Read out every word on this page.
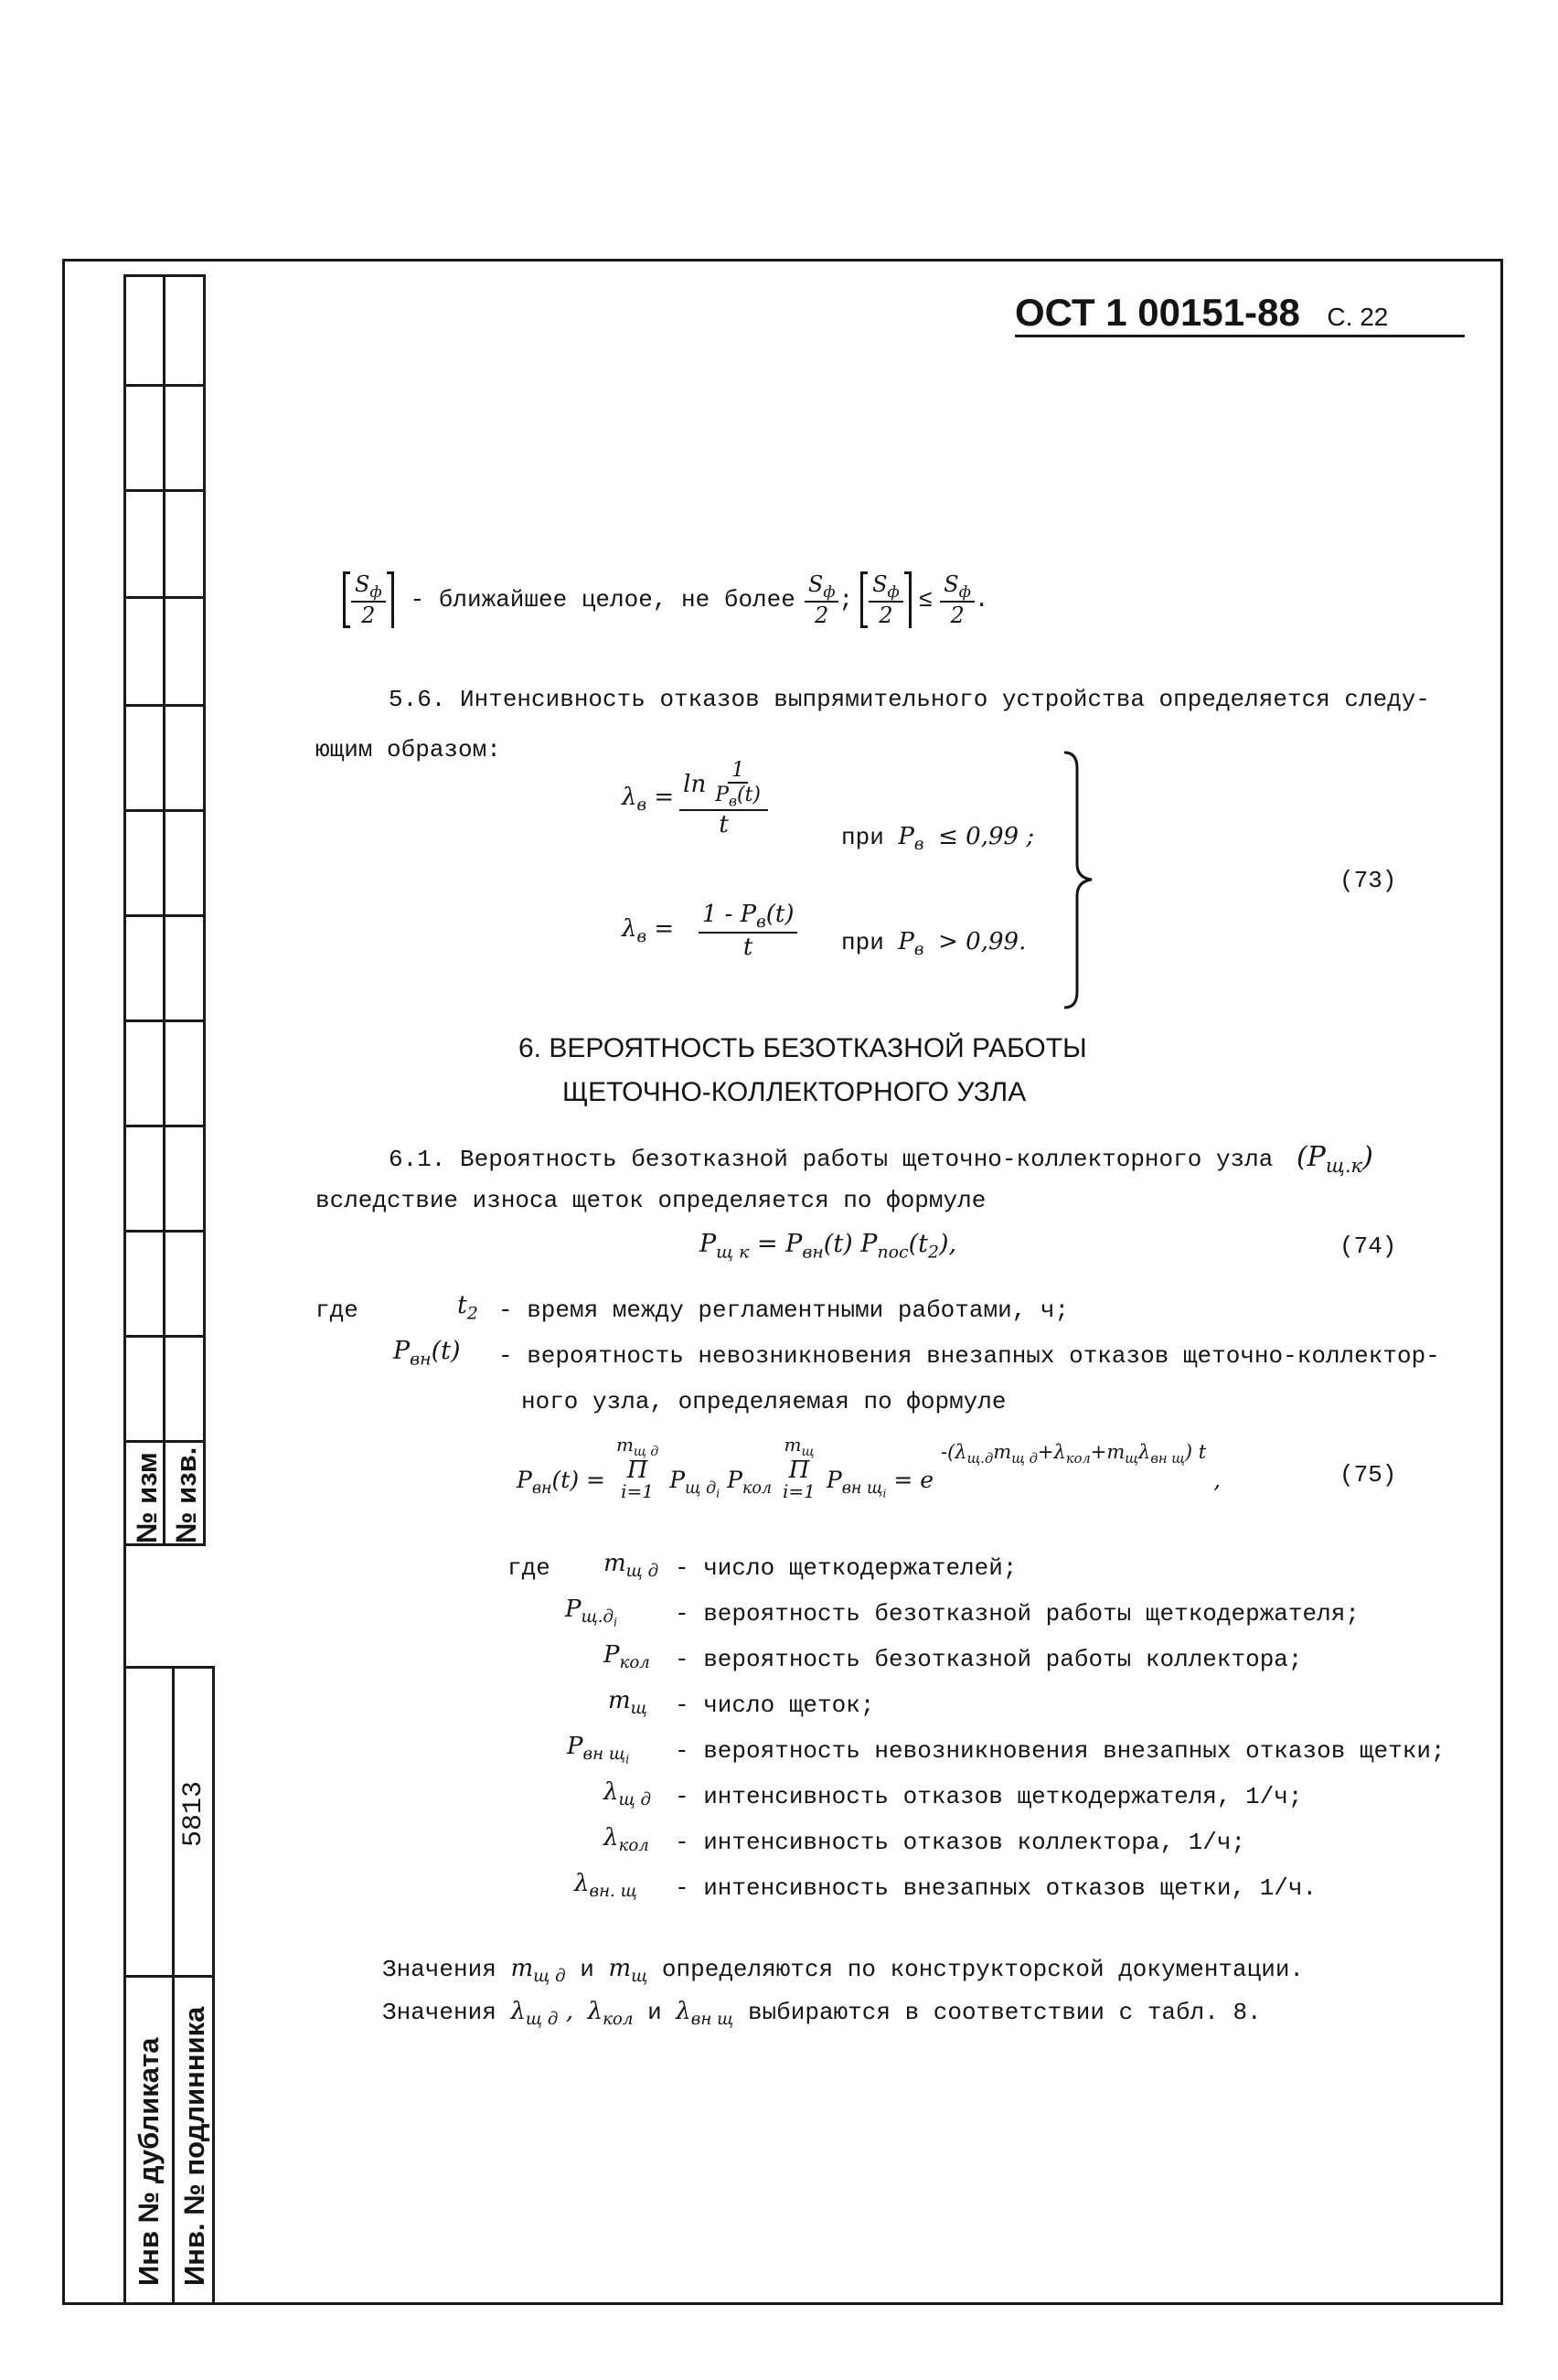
№ изм № изв.
5813
Инв № дубликата Инв. № подлинника
ОСТ 1 00151-88 С. 22
$\frac{S_ф}{2}$ - ближайшее целое, не более $\frac{S_ф}{2}$ ; $\frac{S_ф}{2} \le \frac{S_ф}{2}$ .
5.6. Интенсивность отказов выпрямительного устройства определяется следу-
ющим образом:
$\lambda_в = \frac{\ln \frac{1}{P_в(t)}}{t}$	при $P_в \le 0,99$ ;
$\lambda_в = \frac{1 - P_в(t)}{t}$ при $P_в > 0,99$.
(73)
6. ВЕРОЯТНОСТЬ БЕЗОТКАЗНОЙ РАБОТЫ
ЩЕТОЧНО-КОЛЛЕКТОРНОГО УЗЛА
6.1. Вероятность безотказной работы щеточно-коллекторного узла $(P_{щ.к})$
вследствие износа щеток определяется по формуле
$P_{щ к} = P_{вн}(t)$ $P_{пос}(t_2)$,	(74)
где	$t_2$ - время между регламентными работами, ч;
$P_{вн}(t)$ - вероятность невозникновения внезапных отказов щеточно-коллектор-
ного узла, определяемая по формуле
$P_{вн}(t)$ =
$m_{щ д}$
Π
i=1 $P_{щ д_i}$ $P_{кол}$
$m_щ$
Π
i=1 $P_{вн щ_i} = e$ $-(\lambda_{щ.д}m_{щ д}+\lambda_{кол}+m_щ\lambda_{вн щ})$ t ,	(75)
где $m_{щ д}$ - число щеткодержателей;
$P_{щ.д_i}$ - вероятность безотказной работы щеткодержателя;
$P_{кол}$ - вероятность безотказной работы коллектора;
$m_щ$ - число щеток;
$P_{вн щ_i}$ - вероятность невозникновения внезапных отказов щетки;
$\lambda_{щ д}$ - интенсивность отказов щеткодержателя, 1/ч;
$\lambda_{кол}$ - интенсивность отказов коллектора, 1/ч;
$\lambda_{вн. щ}$ - интенсивность внезапных отказов щетки, 1/ч.
Значения $m_{щ д}$ и $m_щ$ определяются по конструкторской документации.
Значения $\lambda_{щ д}$ , $\lambda_{кол}$ и $\lambda_{вн щ}$ выбираются в соответствии с табл. 8.
